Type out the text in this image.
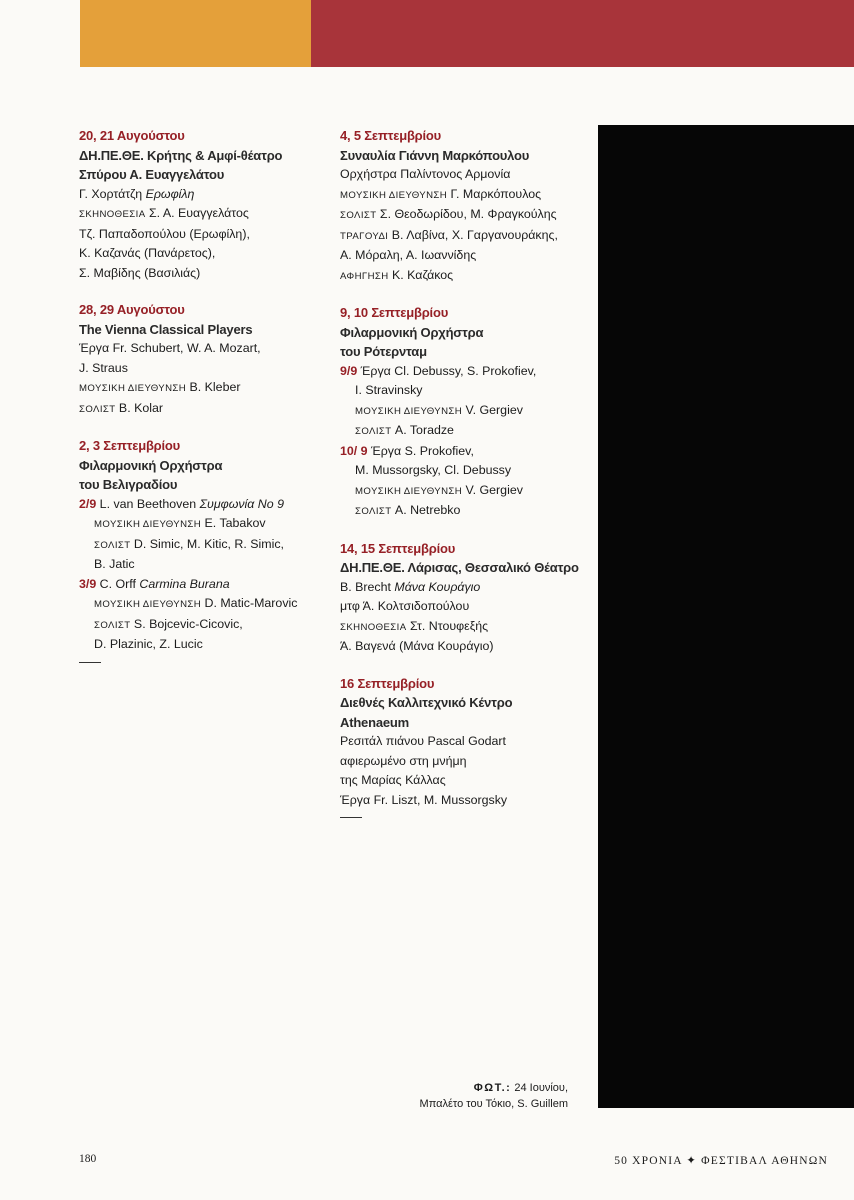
20, 21 Αυγούστου
ΔΗ.ΠΕ.ΘΕ. Κρήτης & Αμφί-θέατρο
Σπύρου Α. Ευαγγελάτου
Γ. Χορτάτζη Ερωφίλη
ΣΚΗΝΟΘΕΣΙΑ Σ. Α. Ευαγγελάτος
Τζ. Παπαδοπούλου (Ερωφίλη),
Κ. Καζανάς (Πανάρετος),
Σ. Μαβίδης (Βασιλιάς)
28, 29 Αυγούστου
The Vienna Classical Players
Έργα Fr. Schubert, W. A. Mozart,
J. Straus
ΜΟΥΣΙΚΗ ΔΙΕΥΘΥΝΣΗ B. Kleber
ΣΟΛΙΣΤ B. Kolar
2, 3 Σεπτεμβρίου
Φιλαρμονική Ορχήστρα
του Βελιγραδίου
2/9 L. van Beethoven Συμφωνία No 9
ΜΟΥΣΙΚΗ ΔΙΕΥΘΥΝΣΗ E. Tabakov
ΣΟΛΙΣΤ D. Simic, M. Kitic, R. Simic,
B. Jatic
3/9 C. Orff Carmina Burana
ΜΟΥΣΙΚΗ ΔΙΕΥΘΥΝΣΗ D. Matic-Marovic
ΣΟΛΙΣΤ S. Bojcevic-Cicovic,
D. Plazinic, Z. Lucic
4, 5 Σεπτεμβρίου
Συναυλία Γιάννη Μαρκόπουλου
Ορχήστρα Παλίντονος Αρμονία
ΜΟΥΣΙΚΗ ΔΙΕΥΘΥΝΣΗ Γ. Μαρκόπουλος
ΣΟΛΙΣΤ Σ. Θεοδωρίδου, Μ. Φραγκούλης
ΤΡΑΓΟΥΔΙ Β. Λαβίνα, Χ. Γαργανουράκης,
Α. Μόραλη, Α. Ιωαννίδης
ΑΦΗΓΗΣΗ Κ. Καζάκος
9, 10 Σεπτεμβρίου
Φιλαρμονική Ορχήστρα
του Ρότερνταμ
9/9 Έργα Cl. Debussy, S. Prokofiev,
I. Stravinsky
ΜΟΥΣΙΚΗ ΔΙΕΥΘΥΝΣΗ V. Gergiev
ΣΟΛΙΣΤ A. Toradze
10/ 9 Έργα S. Prokofiev,
M. Mussorgsky, Cl. Debussy
ΜΟΥΣΙΚΗ ΔΙΕΥΘΥΝΣΗ V. Gergiev
ΣΟΛΙΣΤ A. Netrebko
14, 15 Σεπτεμβρίου
ΔΗ.ΠΕ.ΘΕ. Λάρισας, Θεσσαλικό Θέατρο
Β. Brecht Μάνα Κουράγιο
μτφ Ά. Κολτσιδοπούλου
ΣΚΗΝΟΘΕΣΙΑ Στ. Ντουφεξής
Ά. Βαγενά (Μάνα Κουράγιο)
16 Σεπτεμβρίου
Διεθνές Καλλιτεχνικό Κέντρο
Athenaeum
Ρεσιτάλ πιάνου Pascal Godart
αφιερωμένο στη μνήμη
της Μαρίας Κάλλας
Έργα Fr. Liszt, M. Mussorgsky
ΦΩΤ.: 24 Ιουνίου,
Μπαλέτο του Τόκιο, S. Guillem
180	50 ΧΡΟΝΙΑ ✦ ΦΕΣΤΙΒΑΛ ΑΘΗΝΩΝ
